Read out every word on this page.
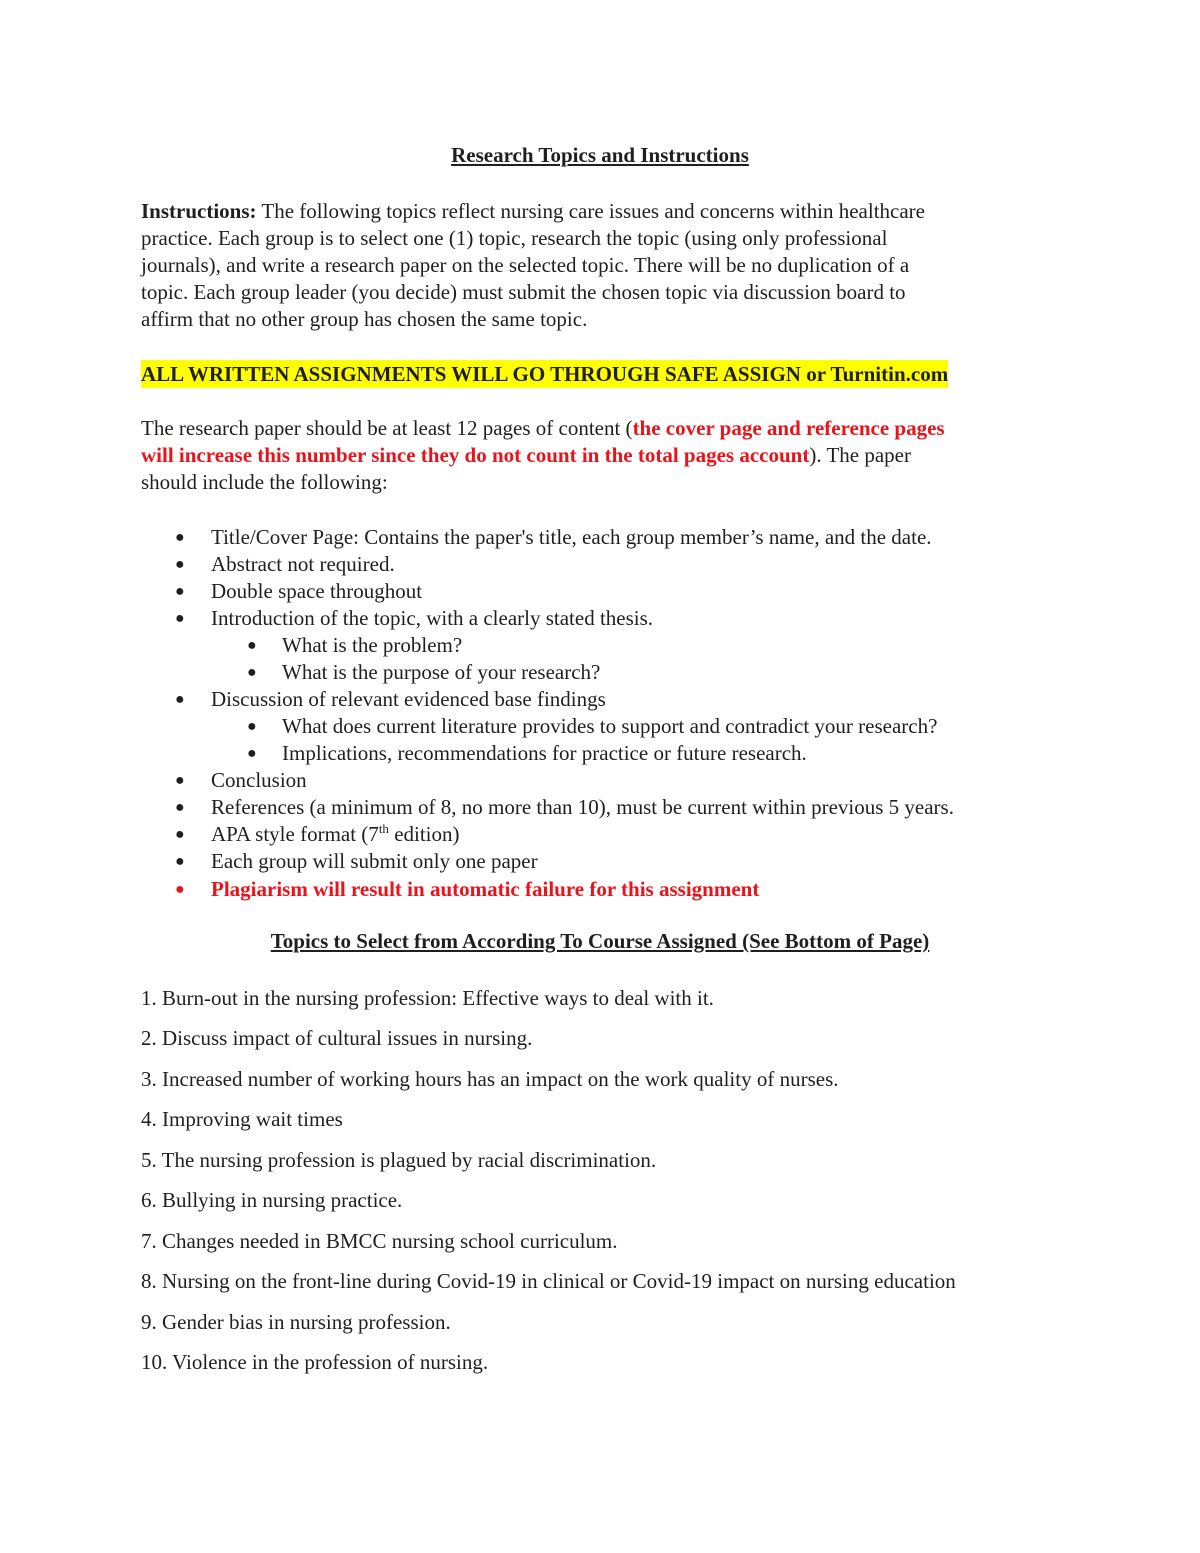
Research Topics and Instructions
Instructions: The following topics reflect nursing care issues and concerns within healthcare
practice. Each group is to select one (1) topic, research the topic (using only professional
journals), and write a research paper on the selected topic. There will be no duplication of a
topic. Each group leader (you decide) must submit the chosen topic via discussion board to
affirm that no other group has chosen the same topic.
ALL WRITTEN ASSIGNMENTS WILL GO THROUGH SAFE ASSIGN or Turnitin.com
The research paper should be at least 12 pages of content (the cover page and reference pages
will increase this number since they do not count in the total pages account). The paper
should include the following:
● Title/Cover Page: Contains the paper's title, each group member’s name, and the date.
● Abstract not required.
● Double space throughout
● Introduction of the topic, with a clearly stated thesis.
● What is the problem?
● What is the purpose of your research?
● Discussion of relevant evidenced base findings
● What does current literature provides to support and contradict your research?
● Implications, recommendations for practice or future research.
● Conclusion
● References (a minimum of 8, no more than 10), must be current within previous 5 years.
● APA style format (7th edition)
● Each group will submit only one paper
● Plagiarism will result in automatic failure for this assignment
Topics to Select from According To Course Assigned (See Bottom of Page)
1. Burn-out in the nursing profession: Effective ways to deal with it.
2. Discuss impact of cultural issues in nursing.
3. Increased number of working hours has an impact on the work quality of nurses.
4. Improving wait times
5. The nursing profession is plagued by racial discrimination.
6. Bullying in nursing practice.
7. Changes needed in BMCC nursing school curriculum.
8. Nursing on the front-line during Covid-19 in clinical or Covid-19 impact on nursing education
9. Gender bias in nursing profession.
10. Violence in the profession of nursing.
